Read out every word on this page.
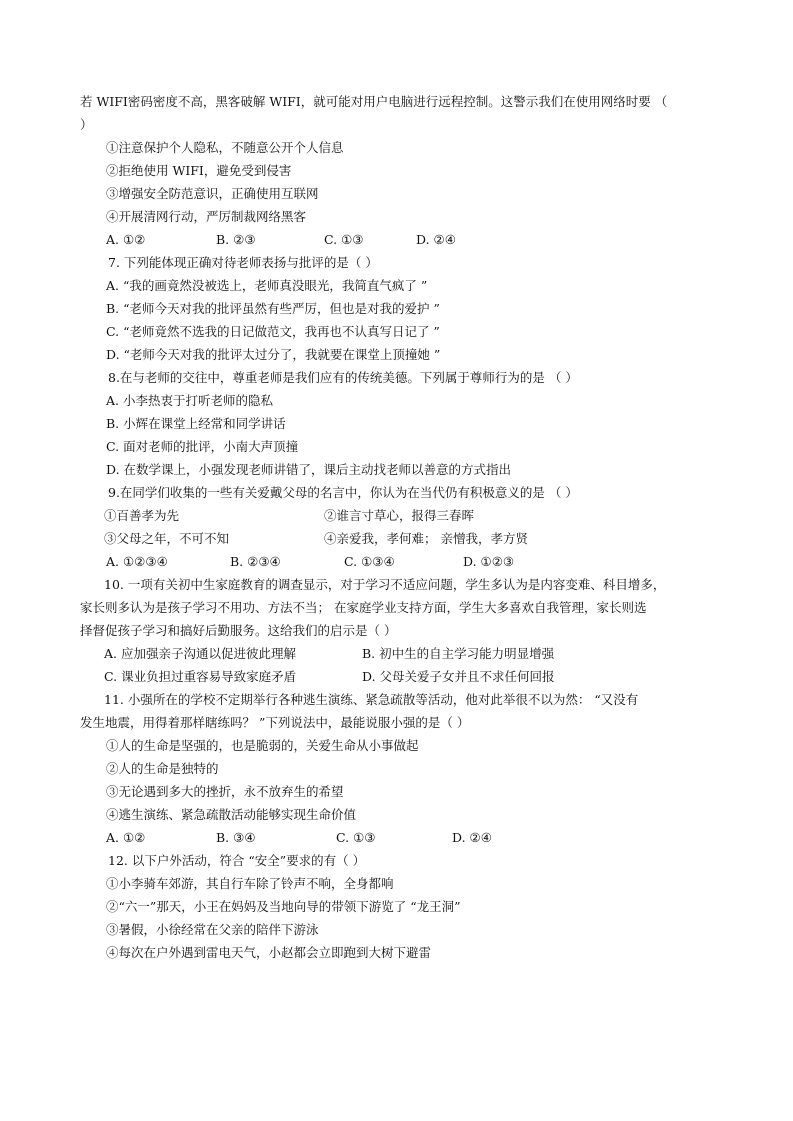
若 WIFI密码密度不高，黑客破解 WIFI，就可能对用户电脑进行远程控制。这警示我们在使用网络时要 （
）
①注意保护个人隐私，不随意公开个人信息
②拒绝使用 WIFI，避免受到侵害
③增强安全防范意识，正确使用互联网
④开展清网行动，严厉制裁网络黑客
A. ①②	B. ②③	C. ①③	D. ②④
7. 下列能体现正确对待老师表扬与批评的是（ ）
A. “我的画竟然没被选上，老师真没眼光，我简直气疯了 ”
B. “老师今天对我的批评虽然有些严厉，但也是对我的爱护 ”
C. “老师竟然不选我的日记做范文，我再也不认真写日记了 ”
D. “老师今天对我的批评太过分了，我就要在课堂上顶撞她 ”
8.在与老师的交往中，尊重老师是我们应有的传统美德。下列属于尊师行为的是 （ ）
A. 小李热衷于打听老师的隐私
B. 小辉在课堂上经常和同学讲话
C. 面对老师的批评，小南大声顶撞
D. 在数学课上，小强发现老师讲错了，课后主动找老师以善意的方式指出
9.在同学们收集的一些有关爱戴父母的名言中，你认为在当代仍有积极意义的是 （ ）
①百善孝为先	②谁言寸草心，报得三春晖
③父母之年，不可不知	④亲爱我，孝何难； 亲憎我，孝方贤
A. ①②③④	B. ②③④	C. ①③④	D. ①②③
10. 一项有关初中生家庭教育的调查显示，对于学习不适应问题，学生多认为是内容变难、科目增多，
家长则多认为是孩子学习不用功、方法不当； 在家庭学业支持方面，学生大多喜欢自我管理，家长则选
择督促孩子学习和搞好后勤服务。这给我们的启示是（ ）
A. 应加强亲子沟通以促进彼此理解	B. 初中生的自主学习能力明显增强
C. 课业负担过重容易导致家庭矛盾	D. 父母关爱子女并且不求任何回报
11. 小强所在的学校不定期举行各种逃生演练、紧急疏散等活动，他对此举很不以为然： “又没有
发生地震，用得着那样瞎练吗？ ”下列说法中，最能说服小强的是（ ）
①人的生命是坚强的，也是脆弱的，关爱生命从小事做起
②人的生命是独特的
③无论遇到多大的挫折，永不放弃生的希望
④逃生演练、紧急疏散活动能够实现生命价值
A. ①②	B. ③④	C. ①③	D. ②④
12. 以下户外活动，符合 “安全”要求的有（ ）
①小李骑车郊游，其自行车除了铃声不响，全身都响
②“六一”那天，小王在妈妈及当地向导的带领下游览了 “龙王洞”
③暑假，小徐经常在父亲的陪伴下游泳
④每次在户外遇到雷电天气，小赵都会立即跑到大树下避雷
